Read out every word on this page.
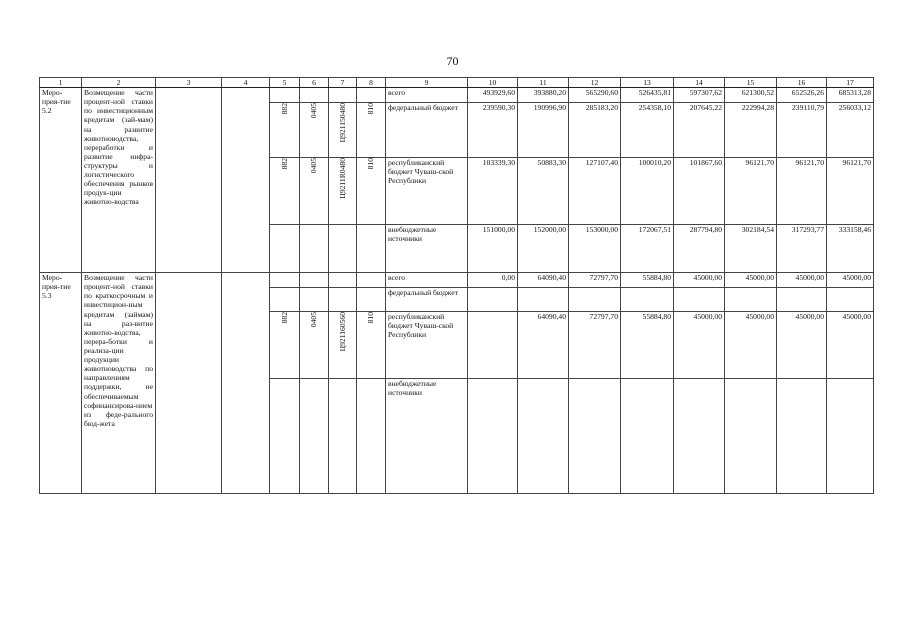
70
1	2	3	4	5	6	7	8	9	10	11	12	13	14	15	16	17
Меро-прия-тие 5.2	Возмещение части процент-ной ставки по инвестиционным кредитам (зай-мам) на развитие животноводства, переработки и развитие инфра-структуры и логистического обеспечения рынков продук-ции животно-водства							всего	493929,60	393880,20	565290,60	526435,81	597307,62	621300,52	652526,26	685313,28
				882	0405	Ц921150480	810	федеральный бюджет	239590,30	190996,90	285183,20	254358,10	207645,22	222994,28	239110,79	256033,12
				882	0405	Ц9211R0480	810	республиканский бюджет Чуваш-ской Республики	103339,30	50883,30	127107,40	100010,20	101867,60	96121,70	96121,70	96121,70
								внебюджетные источники	151000,00	152000,00	153000,00	172067,51	287794,80	302184,54	317293,77	333158,46
Меро-прия-тие 5.3	Возмещение части процент-ной ставки по краткосрочным и инвестицион-ным кредитам (займам) на раз-витие животно-водства, перера-ботки и реализа-ции продукции животноводства по направлениям поддержки, не обеспечиваемым софинансирова-нием из феде-рального бюд-жета							всего	0,00	64090,40	72797,70	55884,80	45000,00	45000,00	45000,00	45000,00
								федеральный бюджет								
				882	0405	Ц921160560	810	республиканский бюджет Чуваш-ской Республики		64090,40	72797,70	55884,80	45000,00	45000,00	45000,00	45000,00
								внебюджетные источники								
